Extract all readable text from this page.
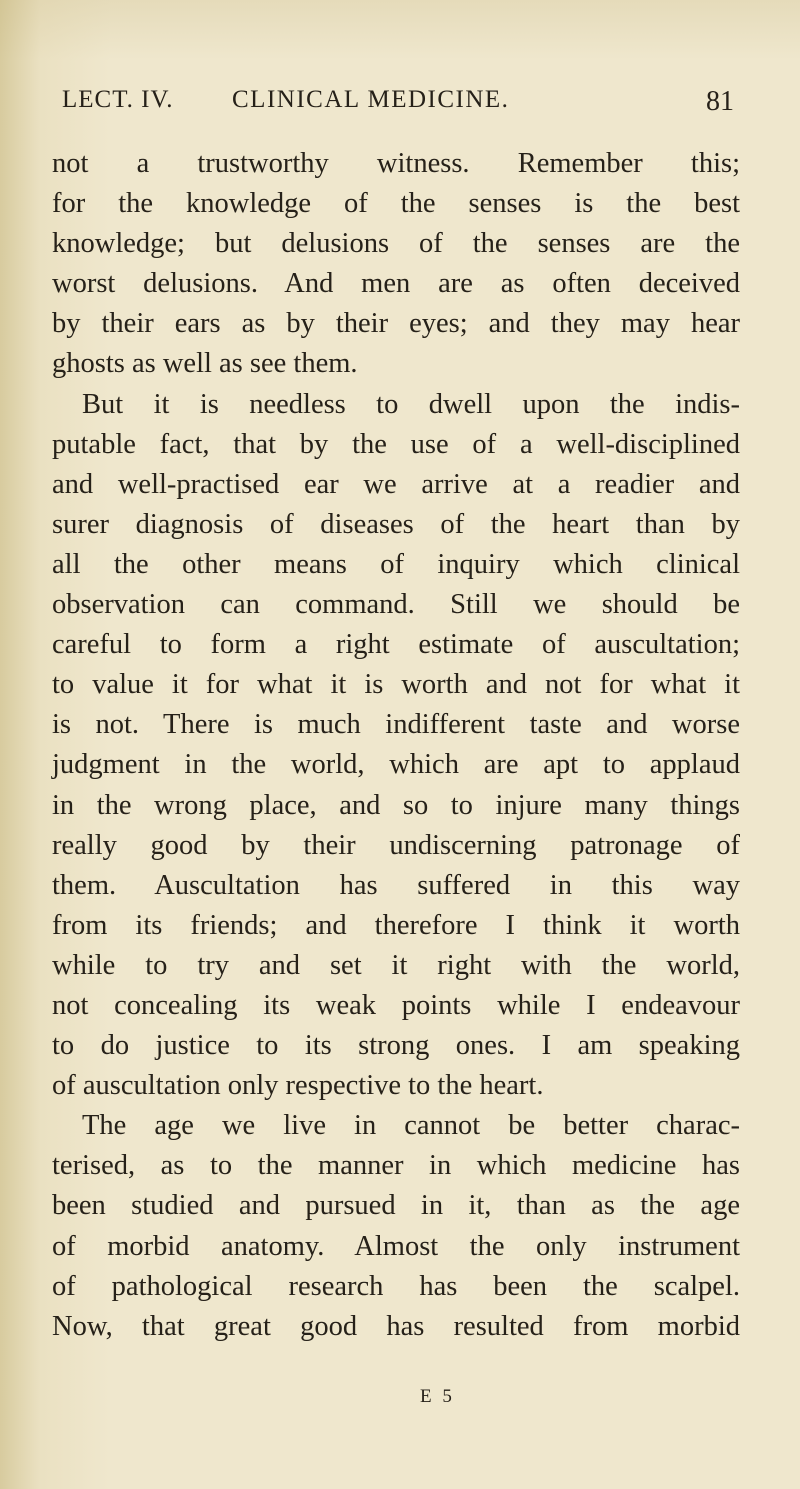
LECT. IV. CLINICAL MEDICINE.	81
not a trustworthy witness. Remember this;
for the knowledge of the senses is the best
knowledge; but delusions of the senses are the
worst delusions. And men are as often deceived
by their ears as by their eyes; and they may hear
ghosts as well as see them.
But it is needless to dwell upon the indis-
putable fact, that by the use of a well-disciplined
and well-practised ear we arrive at a readier and
surer diagnosis of diseases of the heart than by
all the other means of inquiry which clinical
observation can command. Still we should be
careful to form a right estimate of auscultation;
to value it for what it is worth and not for what it
is not. There is much indifferent taste and worse
judgment in the world, which are apt to applaud
in the wrong place, and so to injure many things
really good by their undiscerning patronage of
them. Auscultation has suffered in this way
from its friends; and therefore I think it worth
while to try and set it right with the world,
not concealing its weak points while I endeavour
to do justice to its strong ones. I am speaking
of auscultation only respective to the heart.
The age we live in cannot be better charac-
terised, as to the manner in which medicine has
been studied and pursued in it, than as the age
of morbid anatomy. Almost the only instrument
of pathological research has been the scalpel.
Now, that great good has resulted from morbid
E 5
